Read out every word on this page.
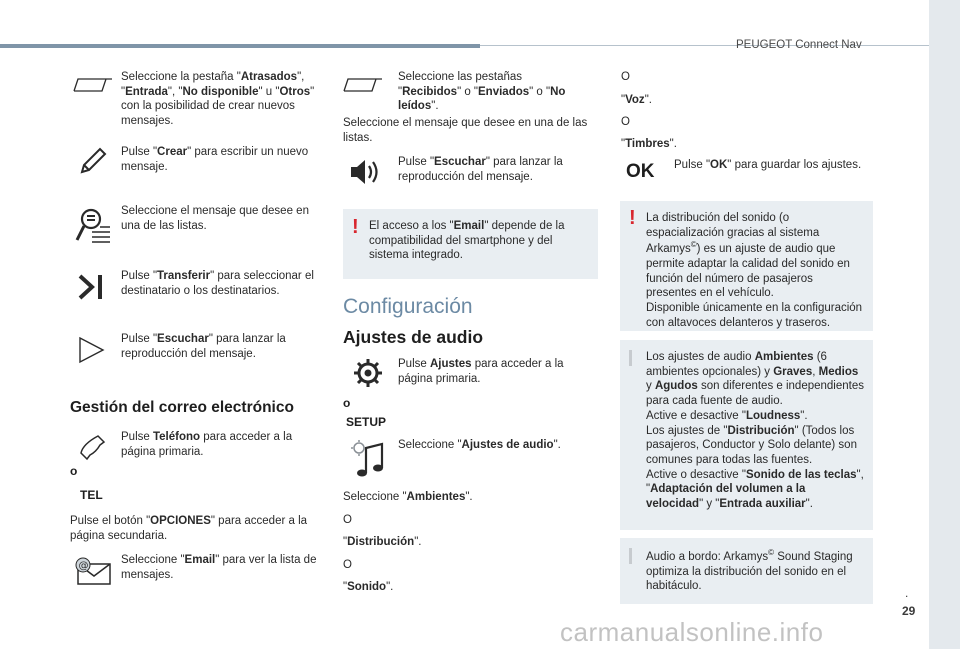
PEUGEOT Connect Nav
.
29
carmanualsonline.info
Seleccione la pestaña "Atrasados", "Entrada", "No disponible" u "Otros" con la posibilidad de crear nuevos mensajes.
Pulse "Crear" para escribir un nuevo mensaje.
Seleccione el mensaje que desee en una de las listas.
Pulse "Transferir" para seleccionar el destinatario o los destinatarios.
Pulse "Escuchar" para lanzar la reproducción del mensaje.
Gestión del correo electrónico
Pulse Teléfono para acceder a la página primaria.
o
TEL
Pulse el botón "OPCIONES" para acceder a la página secundaria.
@	Seleccione "Email" para ver la lista de mensajes.
Seleccione las pestañas "Recibidos" o "Enviados" o "No leídos".
Seleccione el mensaje que desee en una de las listas.
Pulse "Escuchar" para lanzar la reproducción del mensaje.
! El acceso a los "Email" depende de la compatibilidad del smartphone y del sistema integrado.
Configuración
Ajustes de audio
Pulse Ajustes para acceder a la página primaria.
o
SETUP
Seleccione "Ajustes de audio".
Seleccione "Ambientes".
O
"Distribución".
O
"Sonido".
O
"Voz".
O
"Timbres".
OK Pulse "OK" para guardar los ajustes.
! La distribución del sonido (o espacialización gracias al sistema Arkamys©) es un ajuste de audio que permite adaptar la calidad del sonido en función del número de pasajeros presentes en el vehículo.
Disponible únicamente en la configuración con altavoces delanteros y traseros.
Los ajustes de audio Ambientes (6 ambientes opcionales) y Graves, Medios y Agudos son diferentes e independientes para cada fuente de audio.
Active e desactive "Loudness".
Los ajustes de "Distribución" (Todos los pasajeros, Conductor y Solo delante) son comunes para todas las fuentes.
Active o desactive "Sonido de las teclas", "Adaptación del volumen a la velocidad" y "Entrada auxiliar".
Audio a bordo: Arkamys© Sound Staging optimiza la distribución del sonido en el habitáculo.
